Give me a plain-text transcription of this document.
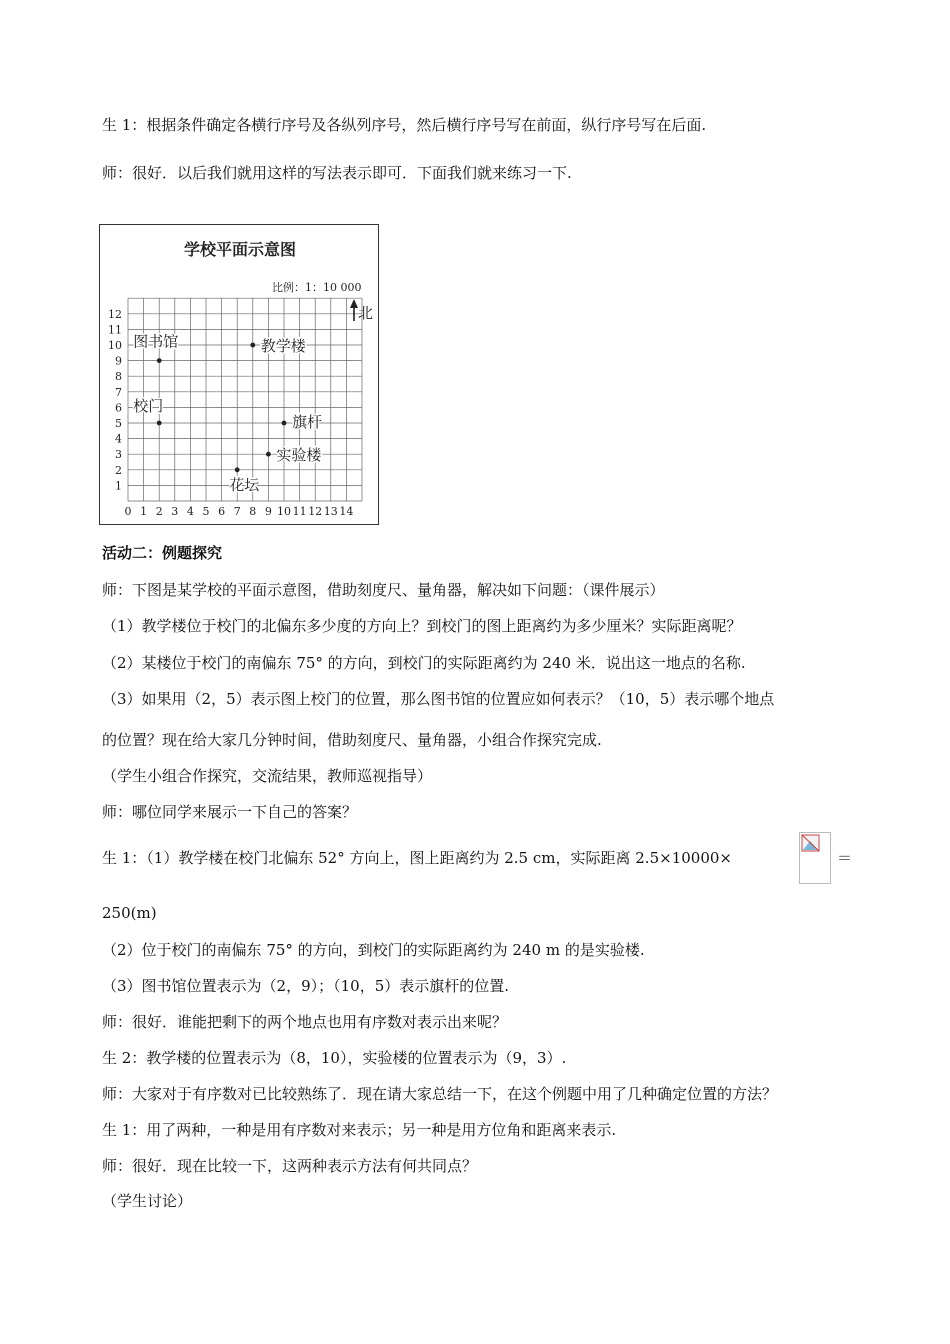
生 1：根据条件确定各横行序号及各纵列序号，然后横行序号写在前面，纵行序号写在后面.
师：很好．以后我们就用这样的写法表示即可．下面我们就来练习一下.
学校平面示意图
比例：1：10 000
0 1 2 3 4 5 6 7 8 9 10 11 12 13 14
1
2
3
4
5
6
7
8
9
10
11
12
图书馆	教学楼
校门
旗杆
实验楼
花坛
北
活动二：例题探究
师：下图是某学校的平面示意图，借助刻度尺、量角器，解决如下问题：（课件展示）
（1）教学楼位于校门的北偏东多少度的方向上？到校门的图上距离约为多少厘米？实际距离呢？
（2）某楼位于校门的南偏东 75° 的方向，到校门的实际距离约为 240 米．说出这一地点的名称.
（3）如果用（2，5）表示图上校门的位置，那么图书馆的位置应如何表示？（10，5）表示哪个地点
的位置？现在给大家几分钟时间，借助刻度尺、量角器，小组合作探究完成.
（学生小组合作探究，交流结果，教师巡视指导）
师：哪位同学来展示一下自己的答案？
生 1：（1）教学楼在校门北偏东 52° 方向上，图上距离约为 2.5 cm，实际距离 2.5×10000×	＝
250(m)
（2）位于校门的南偏东 75° 的方向，到校门的实际距离约为 240 m 的是实验楼.
（3）图书馆位置表示为（2，9）；（10，5）表示旗杆的位置.
师：很好．谁能把剩下的两个地点也用有序数对表示出来呢？
生 2：教学楼的位置表示为（8，10），实验楼的位置表示为（9，3）.
师：大家对于有序数对已比较熟练了．现在请大家总结一下，在这个例题中用了几种确定位置的方法？
生 1：用了两种，一种是用有序数对来表示；另一种是用方位角和距离来表示.
师：很好．现在比较一下，这两种表示方法有何共同点？
（学生讨论）
